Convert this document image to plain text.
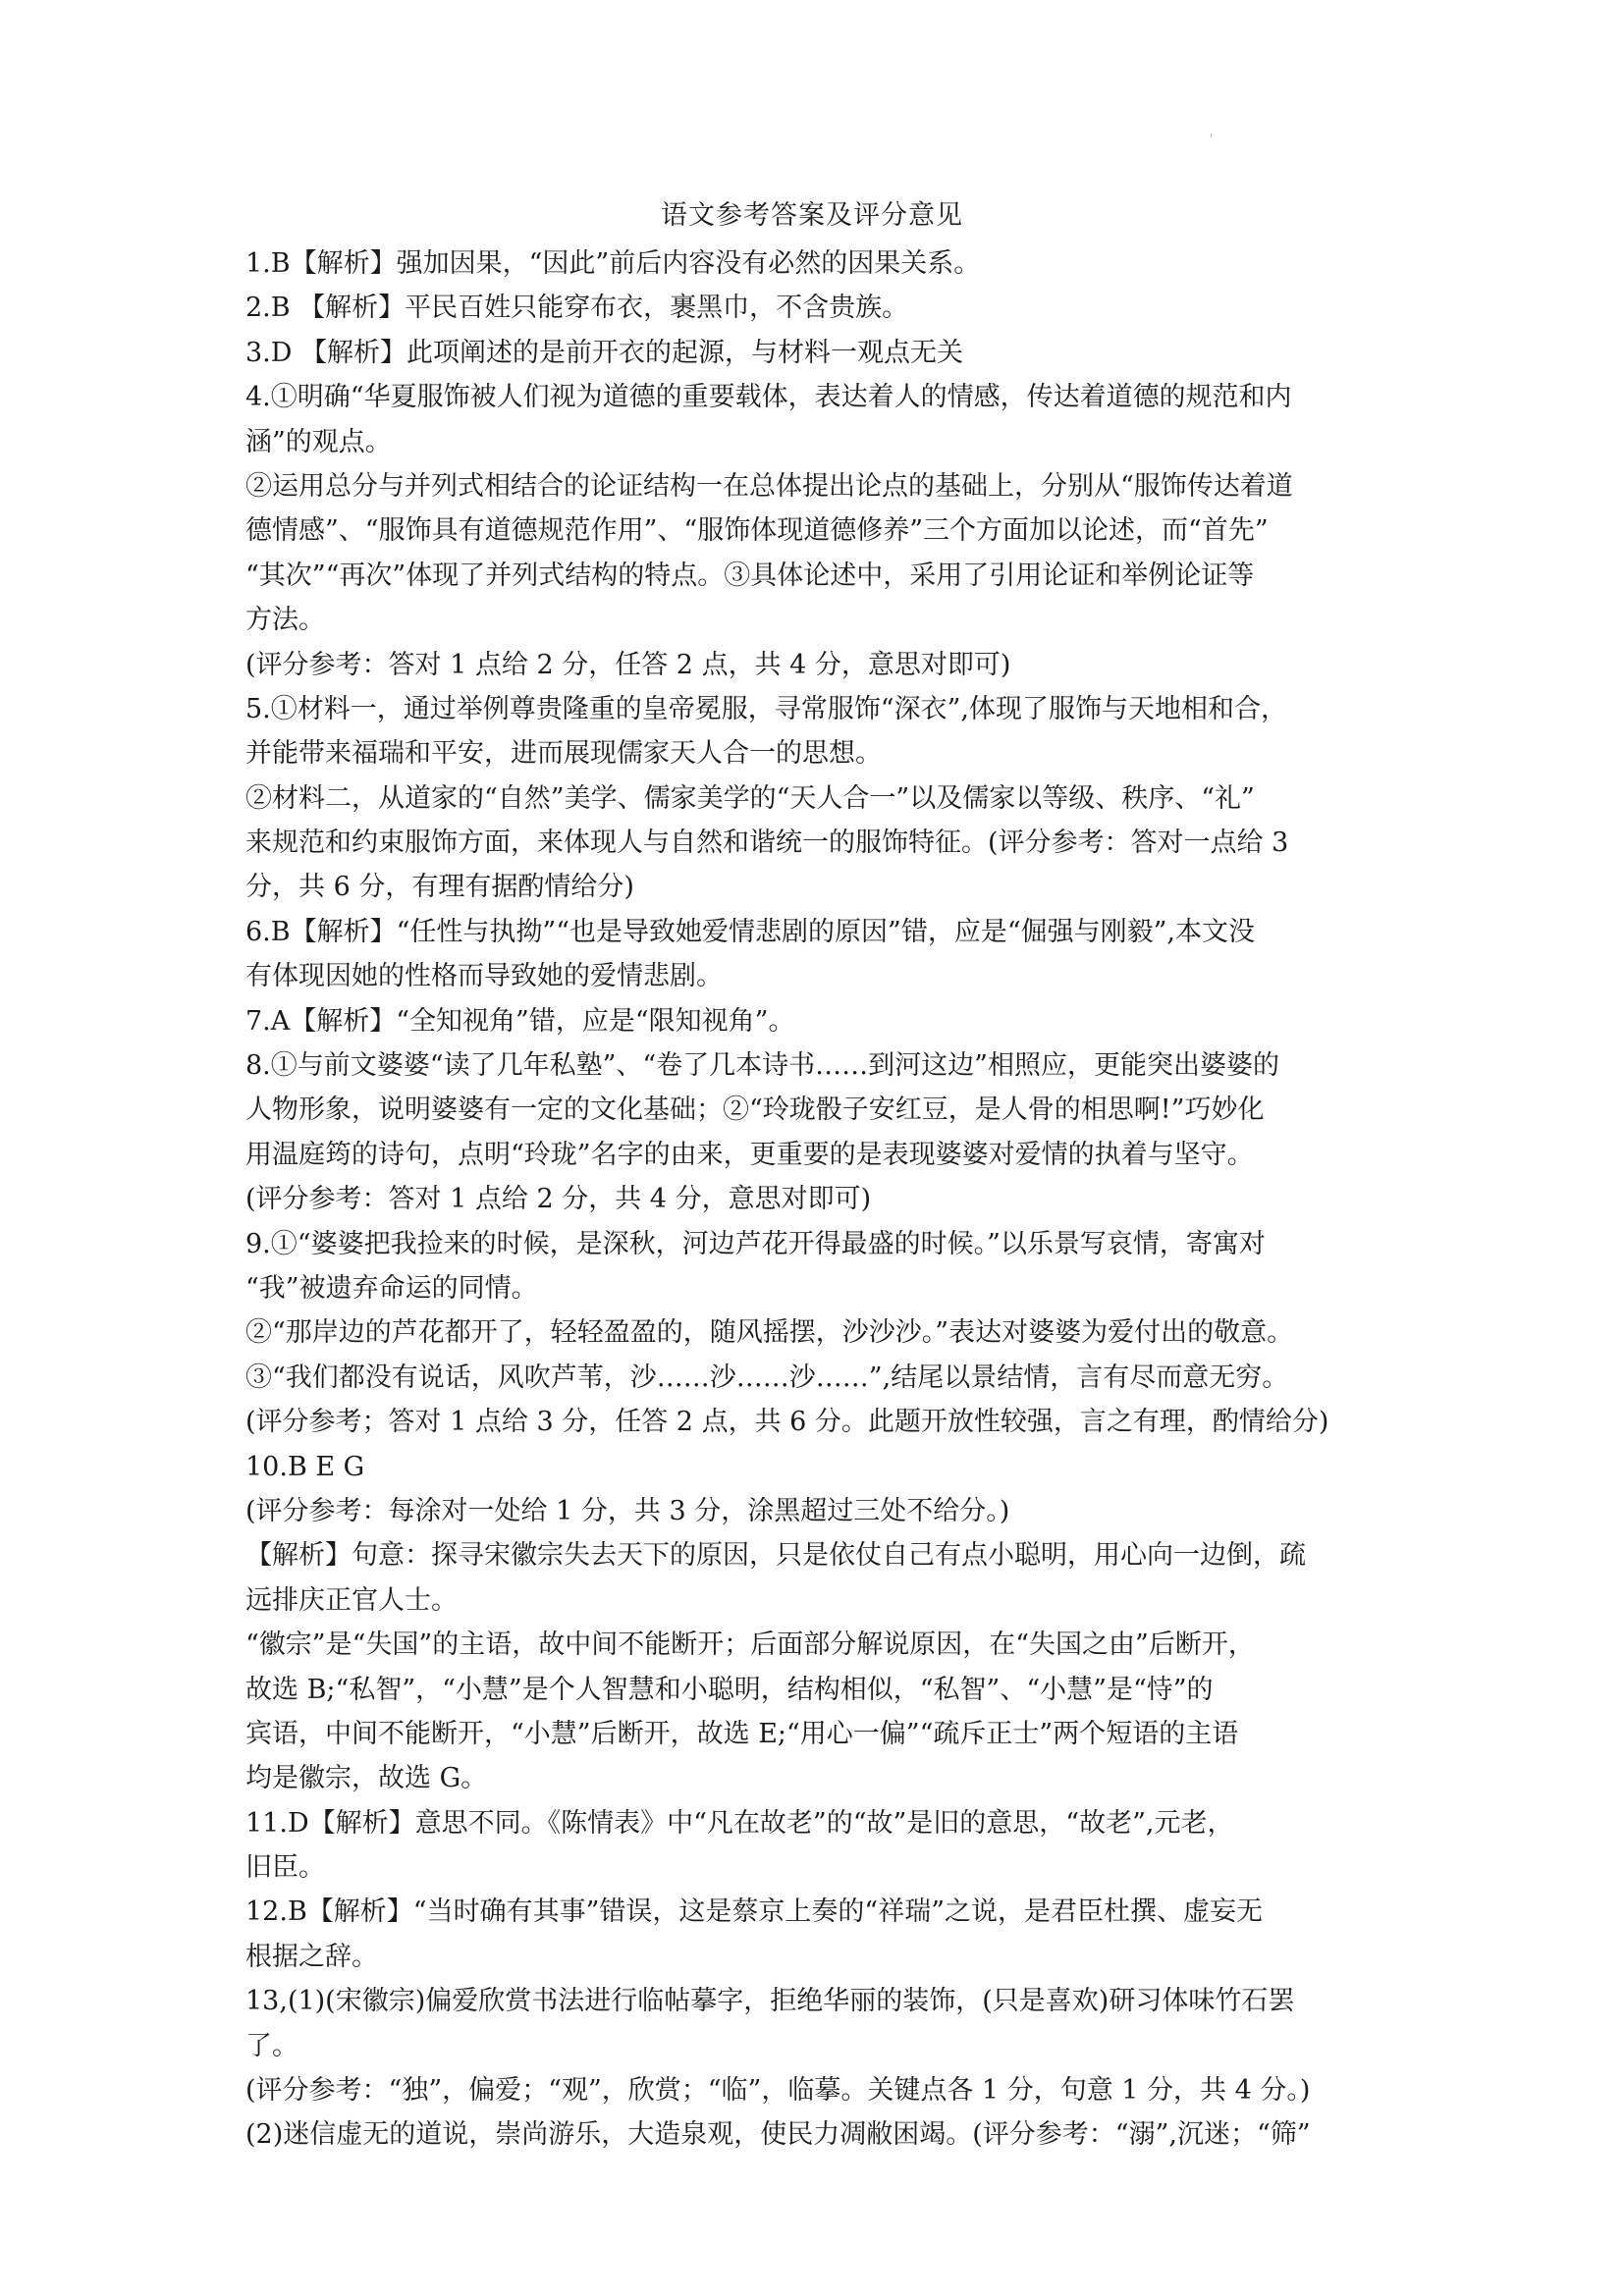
'
语文参考答案及评分意见
1.B【解析】强加因果，“因此”前后内容没有必然的因果关系。
2.B 【解析】平民百姓只能穿布衣，裹黑巾，不含贵族。
3.D 【解析】此项阐述的是前开衣的起源，与材料一观点无关
4.①明确“华夏服饰被人们视为道德的重要载体，表达着人的情感，传达着道德的规范和内
涵”的观点。
②运用总分与并列式相结合的论证结构一在总体提出论点的基础上，分别从“服饰传达着道
德情感”、“服饰具有道德规范作用”、“服饰体现道德修养”三个方面加以论述，而“首先”
“其次”“再次”体现了并列式结构的特点。③具体论述中，采用了引用论证和举例论证等
方法。
(评分参考：答对 1 点给 2 分，任答 2 点，共 4 分，意思对即可)
5.①材料一，通过举例尊贵隆重的皇帝冕服，寻常服饰“深衣”,体现了服饰与天地相和合，
并能带来福瑞和平安，进而展现儒家天人合一的思想。
②材料二，从道家的“自然”美学、儒家美学的“天人合一”以及儒家以等级、秩序、“礼”
来规范和约束服饰方面，来体现人与自然和谐统一的服饰特征。(评分参考：答对一点给 3
分，共 6 分，有理有据酌情给分)
6.B【解析】“任性与执拗”“也是导致她爱情悲剧的原因”错，应是“倔强与刚毅”,本文没
有体现因她的性格而导致她的爱情悲剧。
7.A【解析】“全知视角”错，应是“限知视角”。
8.①与前文婆婆“读了几年私塾”、“卷了几本诗书……到河这边”相照应，更能突出婆婆的
人物形象，说明婆婆有一定的文化基础；②“玲珑骰子安红豆，是人骨的相思啊!”巧妙化
用温庭筠的诗句，点明“玲珑”名字的由来，更重要的是表现婆婆对爱情的执着与坚守。
(评分参考：答对 1 点给 2 分，共 4 分，意思对即可)
9.①“婆婆把我捡来的时候，是深秋，河边芦花开得最盛的时候。”以乐景写哀情，寄寓对
“我”被遗弃命运的同情。
②“那岸边的芦花都开了，轻轻盈盈的，随风摇摆，沙沙沙。”表达对婆婆为爱付出的敬意。
③“我们都没有说话，风吹芦苇，沙……沙……沙……”,结尾以景结情，言有尽而意无穷。
(评分参考；答对 1 点给 3 分，任答 2 点，共 6 分。此题开放性较强，言之有理，酌情给分)
10.B E G
(评分参考：每涂对一处给 1 分，共 3 分，涂黑超过三处不给分。)
【解析】句意：探寻宋徽宗失去天下的原因，只是依仗自己有点小聪明，用心向一边倒，疏
远排庆正官人士。
“徽宗”是“失国”的主语，故中间不能断开；后面部分解说原因，在“失国之由”后断开，
故选 B;“私智”，“小慧”是个人智慧和小聪明，结构相似，“私智”、“小慧”是“恃”的
宾语，中间不能断开，“小慧”后断开，故选 E;“用心一偏”“疏斥正士”两个短语的主语
均是徽宗，故选 G。
11.D【解析】意思不同。《陈情表》中“凡在故老”的“故”是旧的意思，“故老”,元老，
旧臣。
12.B【解析】“当时确有其事”错误，这是蔡京上奏的“祥瑞”之说，是君臣杜撰、虚妄无
根据之辞。
13,(1)(宋徽宗)偏爱欣赏书法进行临帖摹字，拒绝华丽的装饰，(只是喜欢)研习体味竹石罢
了。
(评分参考：“独”，偏爱；“观”，欣赏；“临”，临摹。关键点各 1 分，句意 1 分，共 4 分。)
(2)迷信虚无的道说，崇尚游乐，大造泉观，使民力凋敝困竭。(评分参考：“溺”,沉迷；“筛”
